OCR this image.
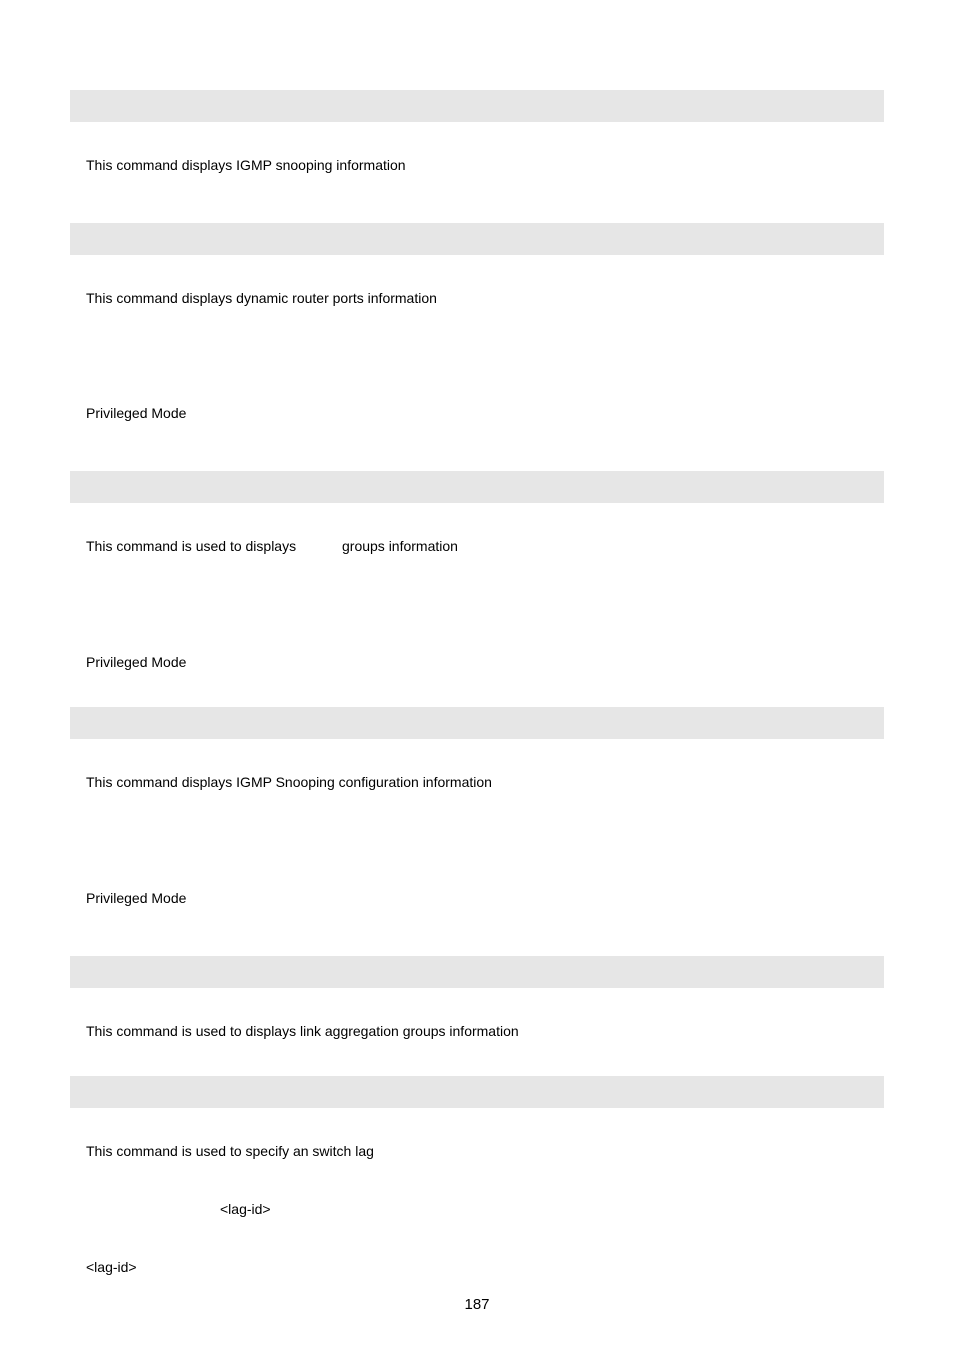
This command displays IGMP snooping information
This command displays dynamic router ports information
Privileged Mode
This command is used to displays	groups information
Privileged Mode
This command displays IGMP Snooping configuration information
Privileged Mode
This command is used to displays link aggregation groups information
This command is used to specify an switch lag
<lag-id>
<lag-id>
187
